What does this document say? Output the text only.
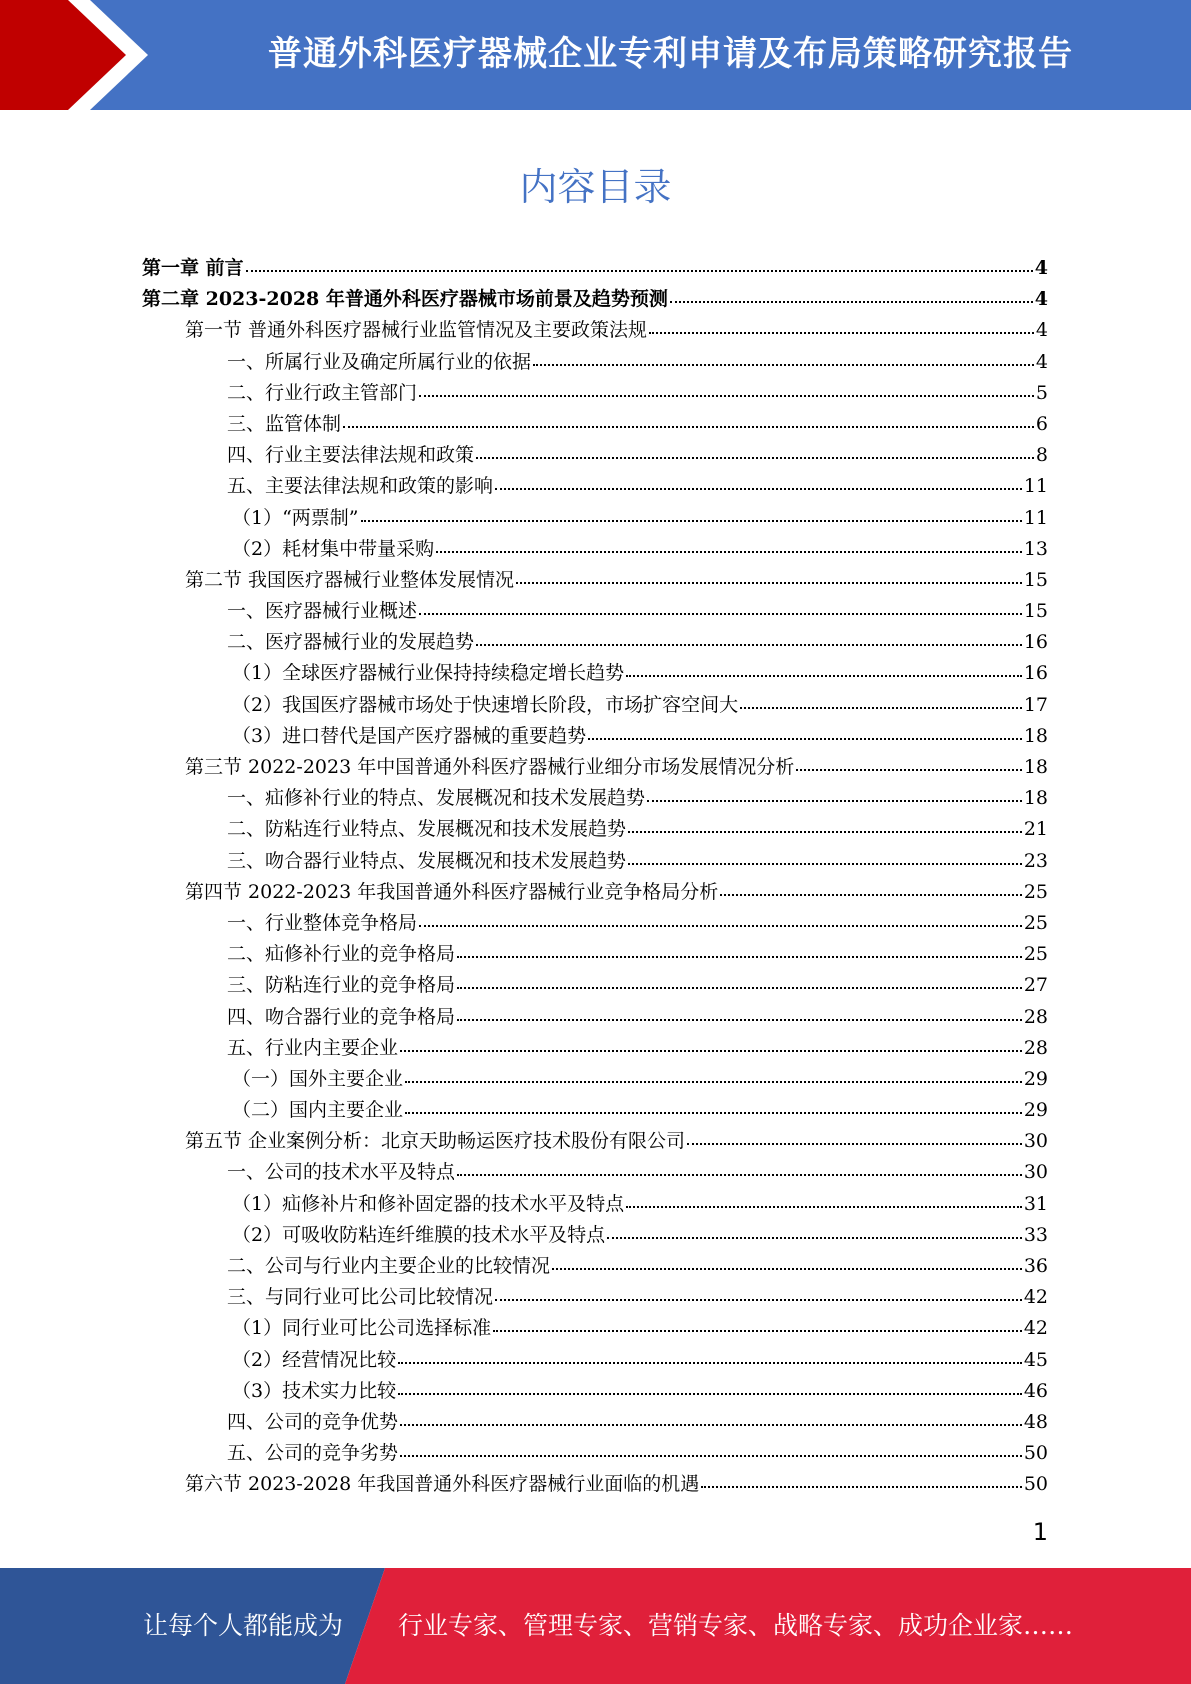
普通外科医疗器械企业专利申请及布局策略研究报告
内容目录
第一章 前言	4
第二章 2023-2028 年普通外科医疗器械市场前景及趋势预测	4
第一节 普通外科医疗器械行业监管情况及主要政策法规	4
一、所属行业及确定所属行业的依据	4
二、行业行政主管部门	5
三、监管体制	6
四、行业主要法律法规和政策	8
五、主要法律法规和政策的影响	11
（1）“两票制”	11
（2）耗材集中带量采购	13
第二节 我国医疗器械行业整体发展情况	15
一、医疗器械行业概述	15
二、医疗器械行业的发展趋势	16
（1）全球医疗器械行业保持持续稳定增长趋势	16
（2）我国医疗器械市场处于快速增长阶段，市场扩容空间大	17
（3）进口替代是国产医疗器械的重要趋势	18
第三节 2022-2023 年中国普通外科医疗器械行业细分市场发展情况分析	18
一、疝修补行业的特点、发展概况和技术发展趋势	18
二、防粘连行业特点、发展概况和技术发展趋势	21
三、吻合器行业特点、发展概况和技术发展趋势	23
第四节 2022-2023 年我国普通外科医疗器械行业竞争格局分析	25
一、行业整体竞争格局	25
二、疝修补行业的竞争格局	25
三、防粘连行业的竞争格局	27
四、吻合器行业的竞争格局	28
五、行业内主要企业	28
（一）国外主要企业	29
（二）国内主要企业	29
第五节 企业案例分析：北京天助畅运医疗技术股份有限公司	30
一、公司的技术水平及特点	30
（1）疝修补片和修补固定器的技术水平及特点	31
（2）可吸收防粘连纤维膜的技术水平及特点	33
二、公司与行业内主要企业的比较情况	36
三、与同行业可比公司比较情况	42
（1）同行业可比公司选择标准	42
（2）经营情况比较	45
（3）技术实力比较	46
四、公司的竞争优势	48
五、公司的竞争劣势	50
第六节 2023-2028 年我国普通外科医疗器械行业面临的机遇	50
1
让每个人都能成为 行业专家、管理专家、营销专家、战略专家、成功企业家……
